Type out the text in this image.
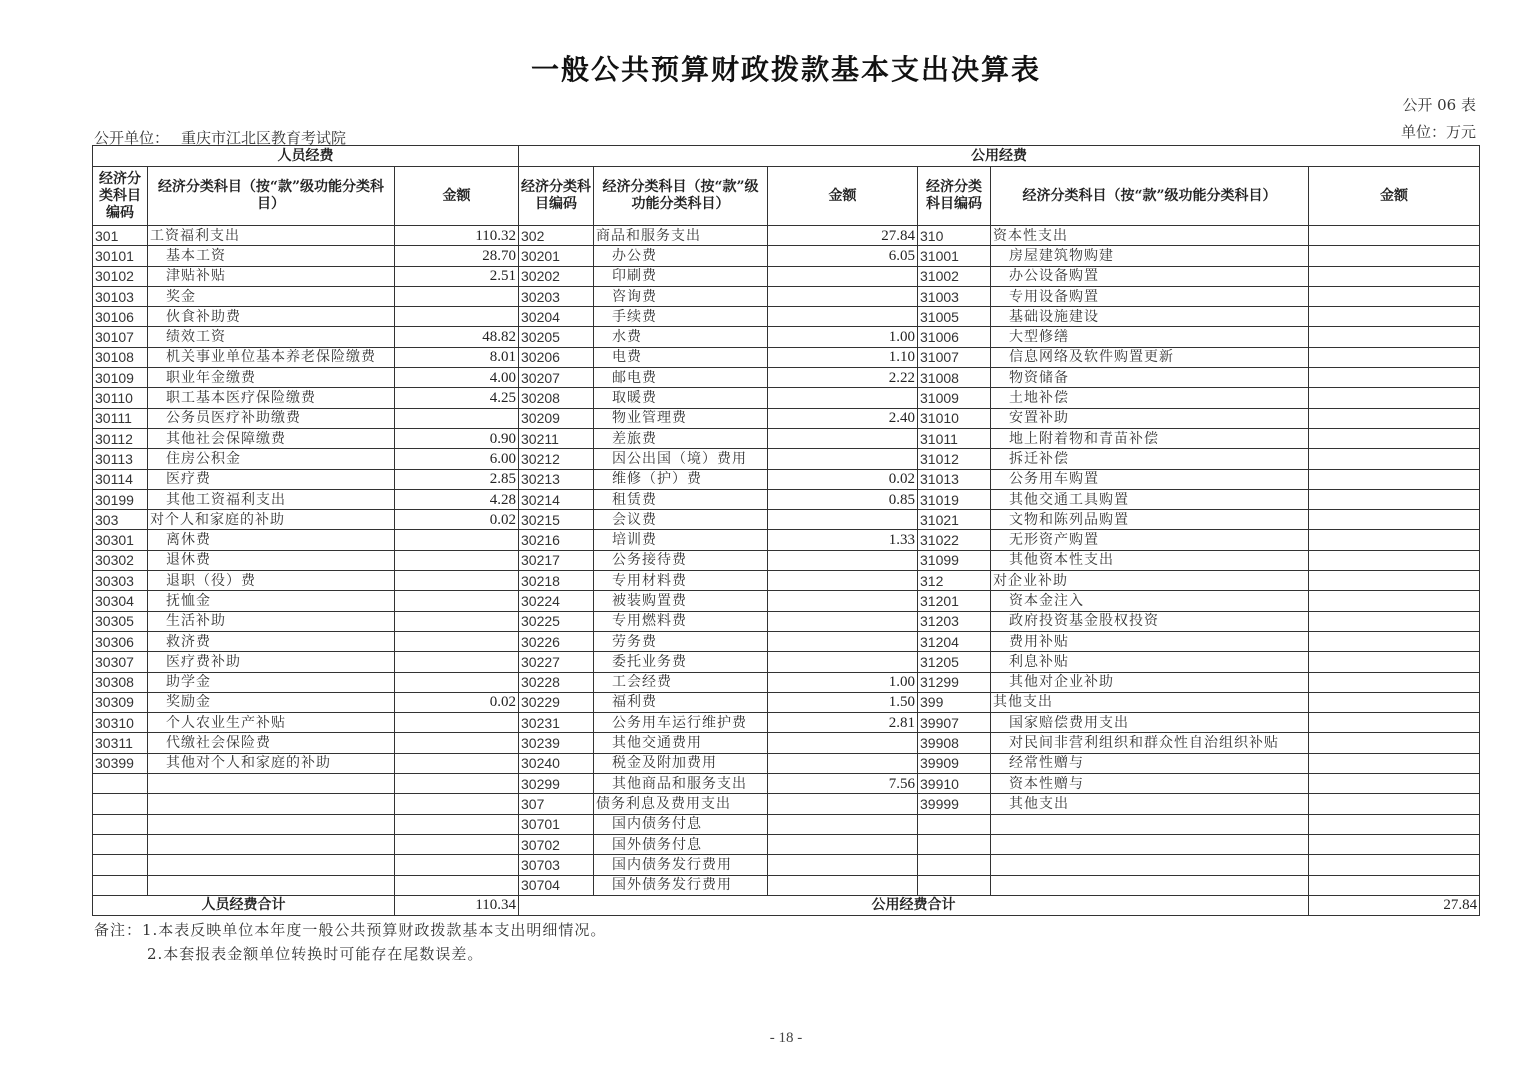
一般公共预算财政拨款基本支出决算表
公开 06 表
单位：万元
公开单位： 重庆市江北区教育考试院
人员经费			公用经费					
经济分类科目编码	经济分类科目（按“款”级功能分类科目）	金额	经济分类科目编码	经济分类科目（按“款”级功能分类科目）	金额	经济分类科目编码	经济分类科目（按“款”级功能分类科目）	金额
301	工资福利支出	110.32	302	商品和服务支出	27.84	310	资本性支出	
30101	基本工资	28.70	30201	办公费	6.05	31001	房屋建筑物购建	
30102	津贴补贴	2.51	30202	印刷费		31002	办公设备购置	
30103	奖金		30203	咨询费		31003	专用设备购置	
30106	伙食补助费		30204	手续费		31005	基础设施建设	
30107	绩效工资	48.82	30205	水费	1.00	31006	大型修缮	
30108	机关事业单位基本养老保险缴费	8.01	30206	电费	1.10	31007	信息网络及软件购置更新	
30109	职业年金缴费	4.00	30207	邮电费	2.22	31008	物资储备	
30110	职工基本医疗保险缴费	4.25	30208	取暖费		31009	土地补偿	
30111	公务员医疗补助缴费		30209	物业管理费	2.40	31010	安置补助	
30112	其他社会保障缴费	0.90	30211	差旅费		31011	地上附着物和青苗补偿	
30113	住房公积金	6.00	30212	因公出国（境）费用		31012	拆迁补偿	
30114	医疗费	2.85	30213	维修（护）费	0.02	31013	公务用车购置	
30199	其他工资福利支出	4.28	30214	租赁费	0.85	31019	其他交通工具购置	
303	对个人和家庭的补助	0.02	30215	会议费		31021	文物和陈列品购置	
30301	离休费		30216	培训费	1.33	31022	无形资产购置	
30302	退休费		30217	公务接待费		31099	其他资本性支出	
30303	退职（役）费		30218	专用材料费		312	对企业补助	
30304	抚恤金		30224	被装购置费		31201	资本金注入	
30305	生活补助		30225	专用燃料费		31203	政府投资基金股权投资	
30306	救济费		30226	劳务费		31204	费用补贴	
30307	医疗费补助		30227	委托业务费		31205	利息补贴	
30308	助学金		30228	工会经费	1.00	31299	其他对企业补助	
30309	奖励金	0.02	30229	福利费	1.50	399	其他支出	
30310	个人农业生产补贴		30231	公务用车运行维护费	2.81	39907	国家赔偿费用支出	
30311	代缴社会保险费		30239	其他交通费用		39908	对民间非营利组织和群众性自治组织补贴	
30399	其他对个人和家庭的补助		30240	税金及附加费用		39909	经常性赠与	
			30299	其他商品和服务支出	7.56	39910	资本性赠与	
			307	债务利息及费用支出		39999	其他支出	
			30701	国内债务付息				
			30702	国外债务付息				
			30703	国内债务发行费用				
			30704	国外债务发行费用				
人员经费合计		110.34	公用经费合计					27.84
备注：1.本表反映单位本年度一般公共预算财政拨款基本支出明细情况。
2.本套报表金额单位转换时可能存在尾数误差。
- 18 -
